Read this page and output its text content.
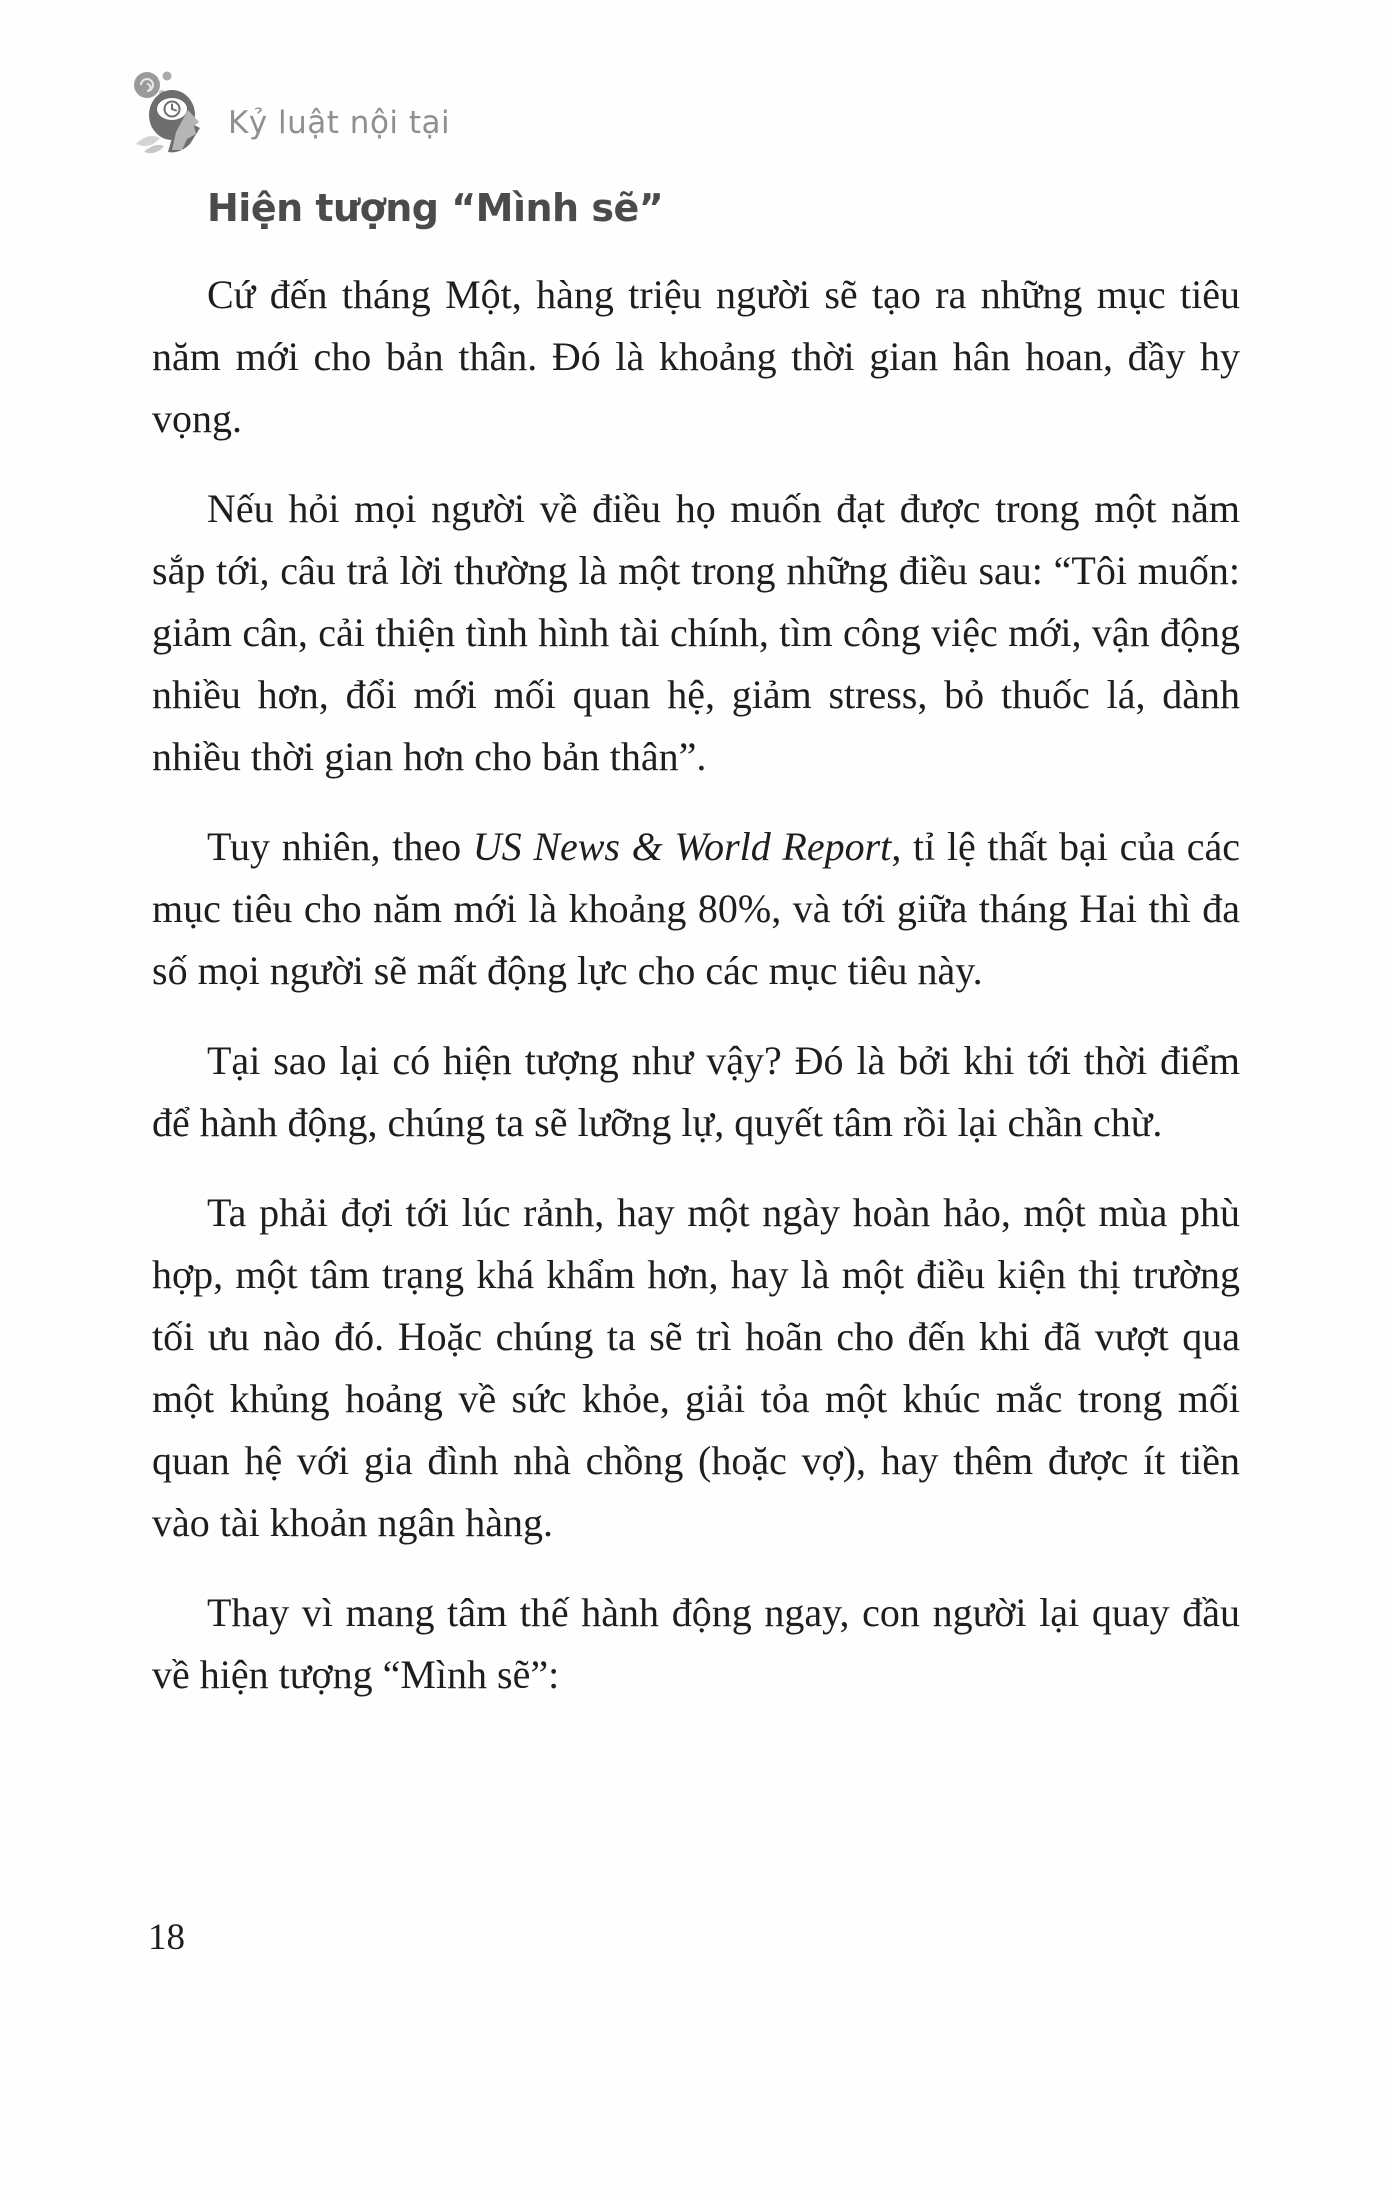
Kỷ luật nội tại
Hiện tượng “Mình sẽ”

Cứ đến tháng Một, hàng triệu người sẽ tạo ra những mục tiêu năm mới cho bản thân. Đó là khoảng thời gian hân hoan, đầy hy vọng.

Nếu hỏi mọi người về điều họ muốn đạt được trong một năm sắp tới, câu trả lời thường là một trong những điều sau: “Tôi muốn: giảm cân, cải thiện tình hình tài chính, tìm công việc mới, vận động nhiều hơn, đổi mới mối quan hệ, giảm stress, bỏ thuốc lá, dành nhiều thời gian hơn cho bản thân”.

Tuy nhiên, theo US News & World Report, tỉ lệ thất bại của các mục tiêu cho năm mới là khoảng 80%, và tới giữa tháng Hai thì đa số mọi người sẽ mất động lực cho các mục tiêu này.

Tại sao lại có hiện tượng như vậy? Đó là bởi khi tới thời điểm để hành động, chúng ta sẽ lưỡng lự, quyết tâm rồi lại chần chừ.

Ta phải đợi tới lúc rảnh, hay một ngày hoàn hảo, một mùa phù hợp, một tâm trạng khá khẩm hơn, hay là một điều kiện thị trường tối ưu nào đó. Hoặc chúng ta sẽ trì hoãn cho đến khi đã vượt qua một khủng hoảng về sức khỏe, giải tỏa một khúc mắc trong mối quan hệ với gia đình nhà chồng (hoặc vợ), hay thêm được ít tiền vào tài khoản ngân hàng.

Thay vì mang tâm thế hành động ngay, con người lại quay đầu về hiện tượng “Mình sẽ”:

18
